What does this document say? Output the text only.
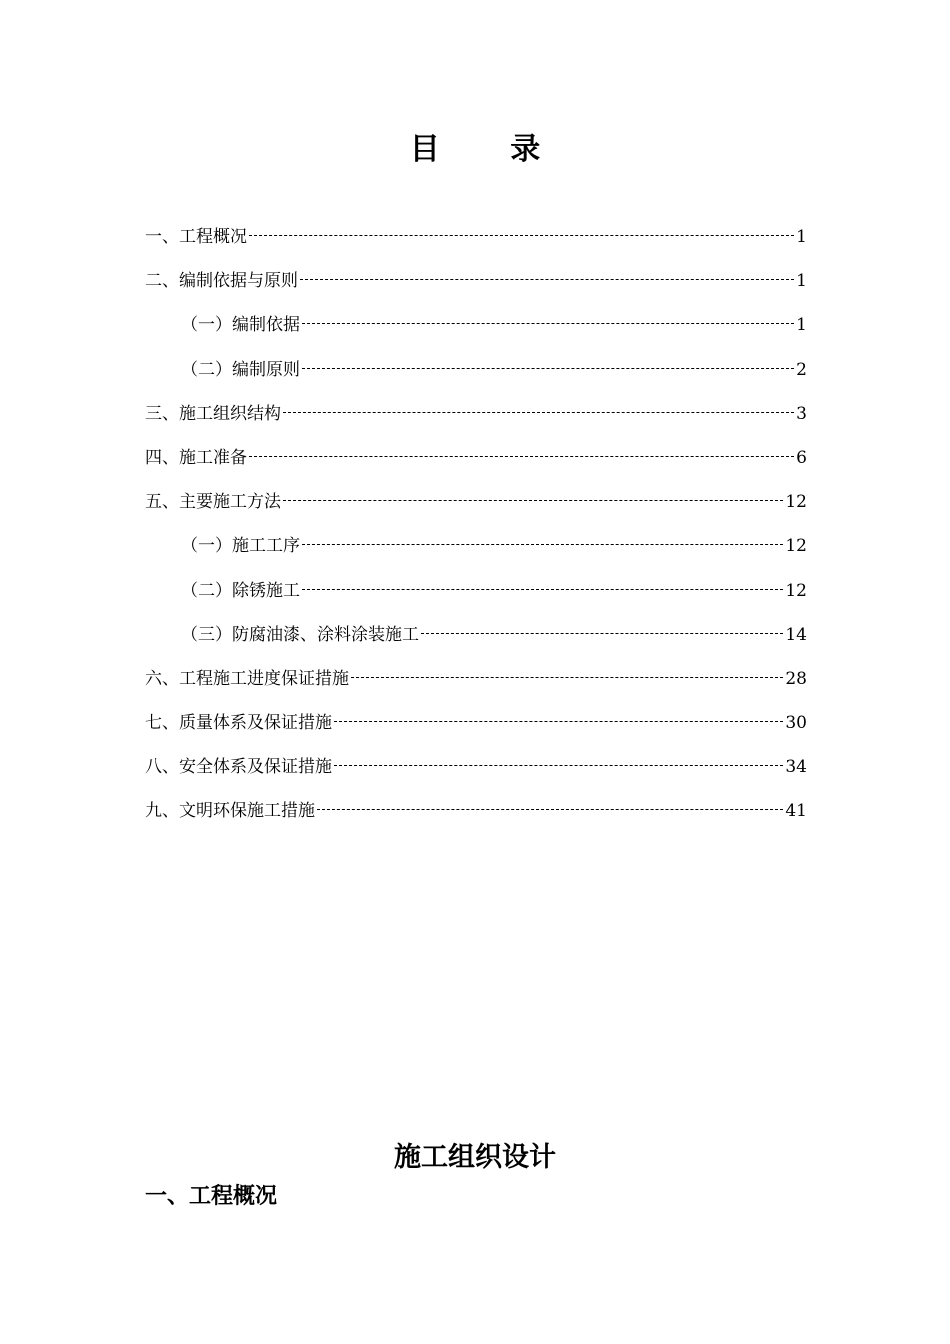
目 录
一、工程概况	1
二、编制依据与原则	1
（一）编制依据	1
（二）编制原则	2
三、施工组织结构	3
四、施工准备	6
五、主要施工方法	12
（一）施工工序	12
（二）除锈施工	12
（三）防腐油漆、涂料涂装施工	14
六、工程施工进度保证措施	28
七、质量体系及保证措施	30
八、安全体系及保证措施	34
九、文明环保施工措施	41
施工组织设计
一、工程概况
